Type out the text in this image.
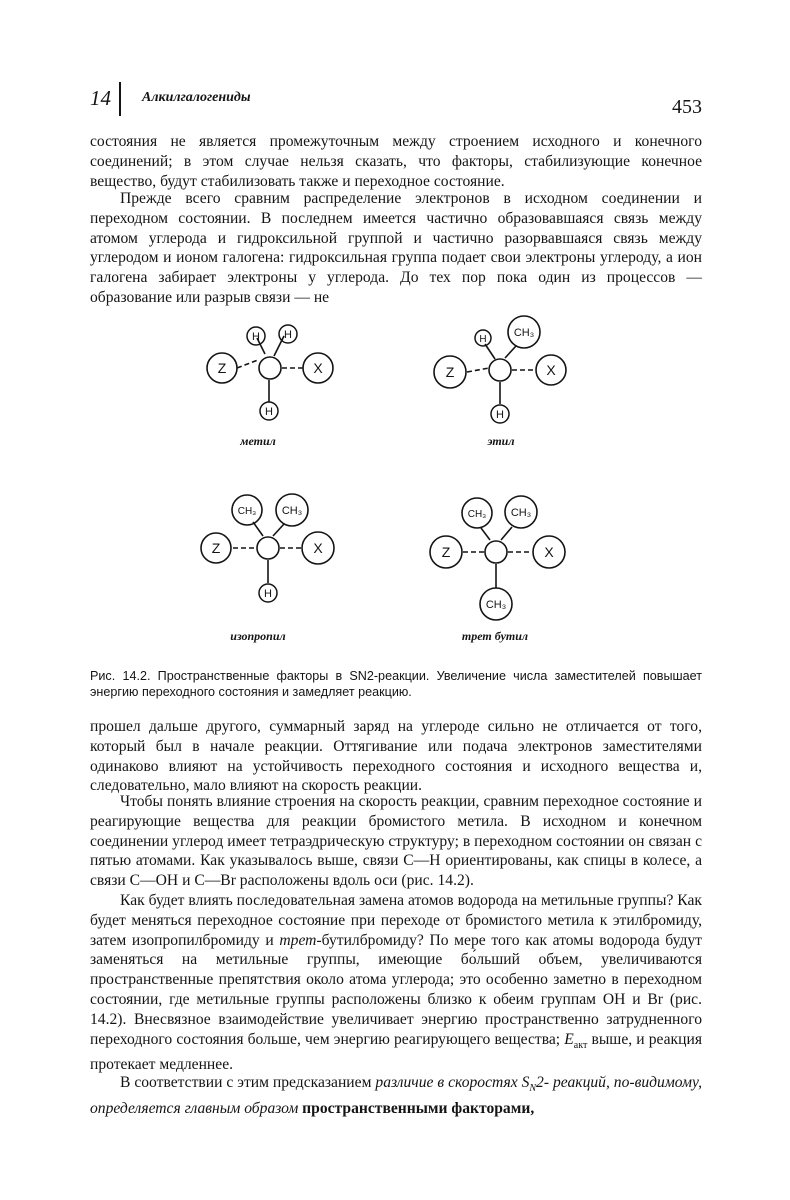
14 Алкилгалогениды	453

состояния не является промежуточным между строением исходного и конечного соединений; в этом случае нельзя сказать, что факторы, стабилизующие конечное вещество, будут стабилизовать также и переходное состояние.

Прежде всего сравним распределение электронов в исходном соединении и переходном состоянии. В последнем имеется частично образовавшаяся связь между атомом углерода и гидроксильной группой и частично разорвавшаяся связь между углеродом и ионом галогена: гидроксильная группа подает свои электроны углероду, а ион галогена забирает электроны у углерода. До тех пор пока один из процессов — образование или разрыв связи — не

Z	X
H H
H
Z	X
H
CH₃
H
Z	X
CH₃ CH₃
H
Z	X
CH₃ CH₃
CH₃
метил	этил
изопропил	трет бутил

Рис. 14.2. Пространственные факторы в SN2-реакции. Увеличение числа заместителей повышает энергию переходного состояния и замедляет реакцию.

прошел дальше другого, суммарный заряд на углероде сильно не отличается от того, который был в начале реакции. Оттягивание или подача электронов заместителями одинаково влияют на устойчивость переходного состояния и исходного вещества и, следовательно, мало влияют на скорость реакции.

Чтобы понять влияние строения на скорость реакции, сравним переходное состояние и реагирующие вещества для реакции бромистого метила. В исходном и конечном соединении углерод имеет тетраэдрическую структуру; в переходном состоянии он связан с пятью атомами. Как указывалось выше, связи С—Н ориентированы, как спицы в колесе, а связи С—ОН и С—Br расположены вдоль оси (рис. 14.2).

Как будет влиять последовательная замена атомов водорода на метильные группы? Как будет меняться переходное состояние при переходе от бромистого метила к этилбромиду, затем изопропилбромиду и трет-бутилбромиду? По мере того как атомы водорода будут заменяться на метильные группы, имеющие бо́льший объем, увеличиваются пространственные препятствия около атома углерода; это особенно заметно в переходном состоянии, где метильные группы расположены близко к обеим группам ОН и Br (рис. 14.2). Внесвязное взаимодействие увеличивает энергию пространственно затрудненного переходного состояния больше, чем энергию реагирующего вещества; $E_{акт}$ выше, и реакция протекает медленнее.

В соответствии с этим предсказанием различие в скоростях $S_N2-$ реакций, по-видимому, определяется главным образом пространственными факторами,
